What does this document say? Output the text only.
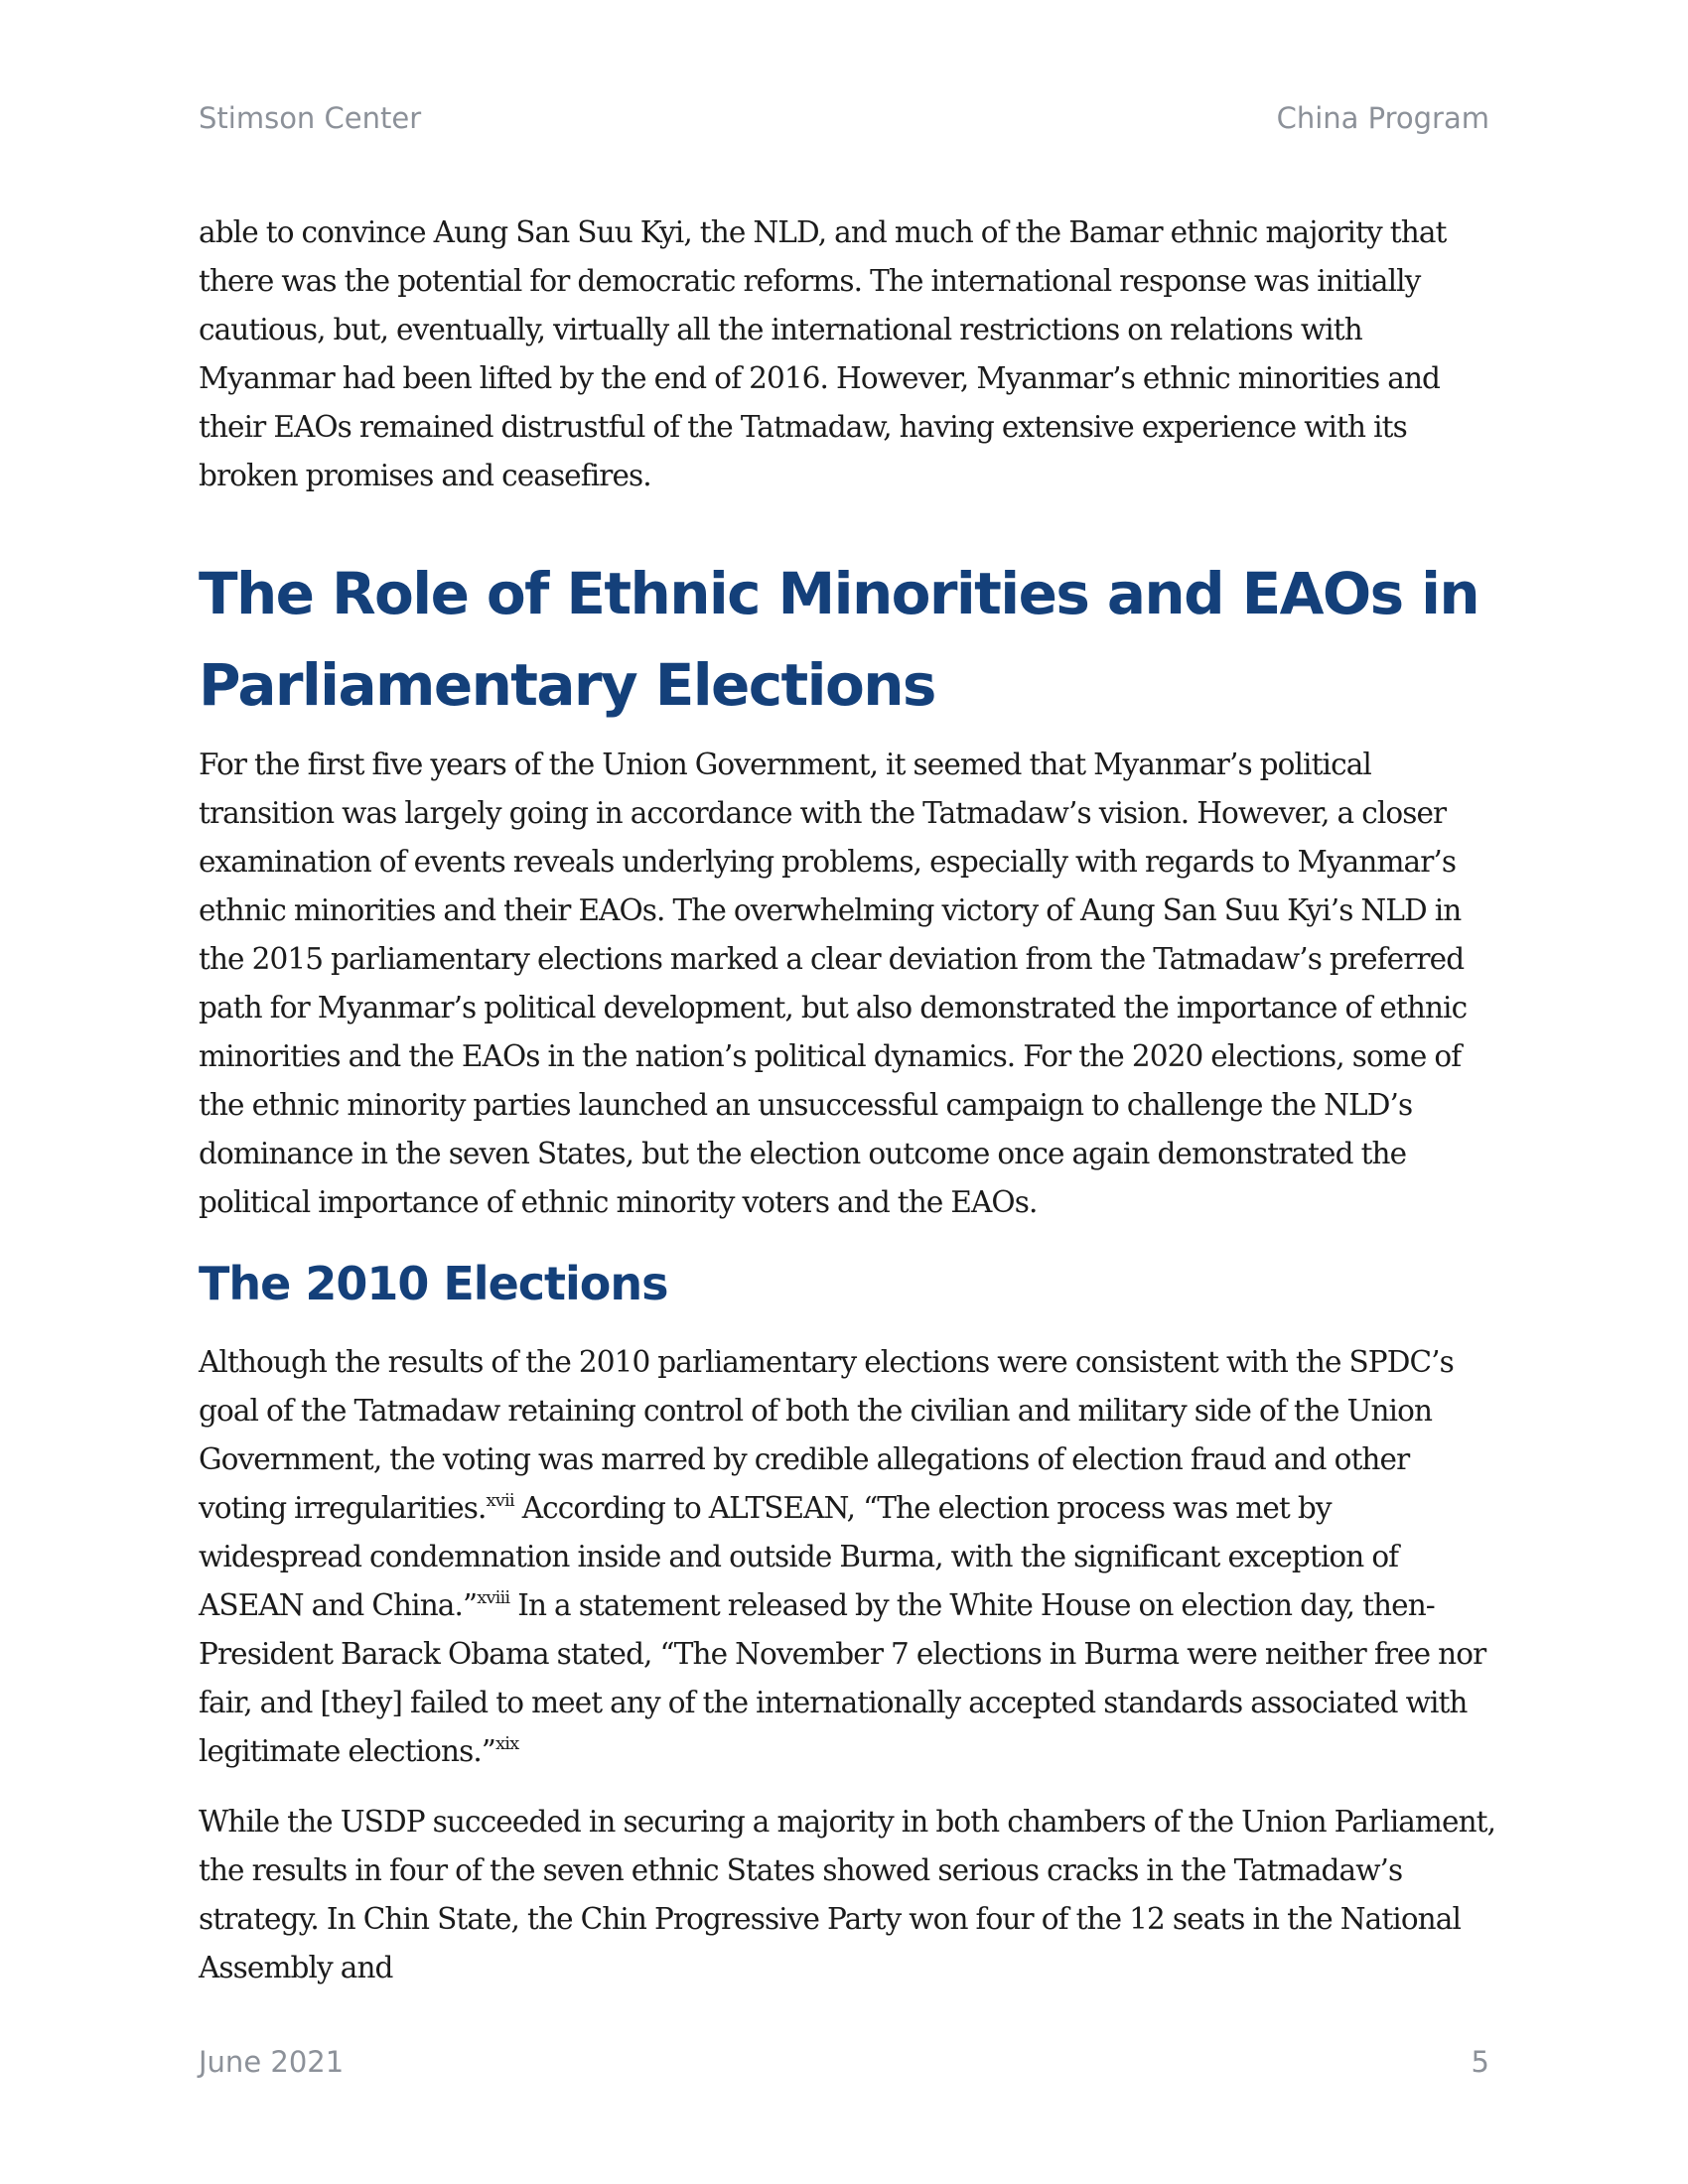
Stimson Center	China Program

able to convince Aung San Suu Kyi, the NLD, and much of the Bamar ethnic majority that there was the potential for democratic reforms. The international response was initially cautious, but, eventually, virtually all the international restrictions on relations with Myanmar had been lifted by the end of 2016. However, Myanmar’s ethnic minorities and their EAOs remained distrustful of the Tatmadaw, having extensive experience with its broken promises and ceasefires.

The Role of Ethnic Minorities and EAOs in Parliamentary Elections

For the first five years of the Union Government, it seemed that Myanmar’s political transition was largely going in accordance with the Tatmadaw’s vision. However, a closer examination of events reveals underlying problems, especially with regards to Myanmar’s ethnic minorities and their EAOs. The overwhelming victory of Aung San Suu Kyi’s NLD in the 2015 parliamentary elections marked a clear deviation from the Tatmadaw’s preferred path for Myanmar’s political development, but also demonstrated the importance of ethnic minorities and the EAOs in the nation’s political dynamics. For the 2020 elections, some of the ethnic minority parties launched an unsuccessful campaign to challenge the NLD’s dominance in the seven States, but the election outcome once again demonstrated the political importance of ethnic minority voters and the EAOs.

The 2010 Elections

Although the results of the 2010 parliamentary elections were consistent with the SPDC’s goal of the Tatmadaw retaining control of both the civilian and military side of the Union Government, the voting was marred by credible allegations of election fraud and other voting irregularities.$^{xvii}$ According to ALTSEAN, “The election process was met by widespread condemnation inside and outside Burma, with the significant exception of ASEAN and China.”$^{xviii}$ In a statement released by the White House on election day, then-President Barack Obama stated, “The November 7 elections in Burma were neither free nor fair, and [they] failed to meet any of the internationally accepted standards associated with legitimate elections.”$^{xix}$

While the USDP succeeded in securing a majority in both chambers of the Union Parliament, the results in four of the seven ethnic States showed serious cracks in the Tatmadaw’s strategy. In Chin State, the Chin Progressive Party won four of the 12 seats in the National Assembly and

June 2021	5
